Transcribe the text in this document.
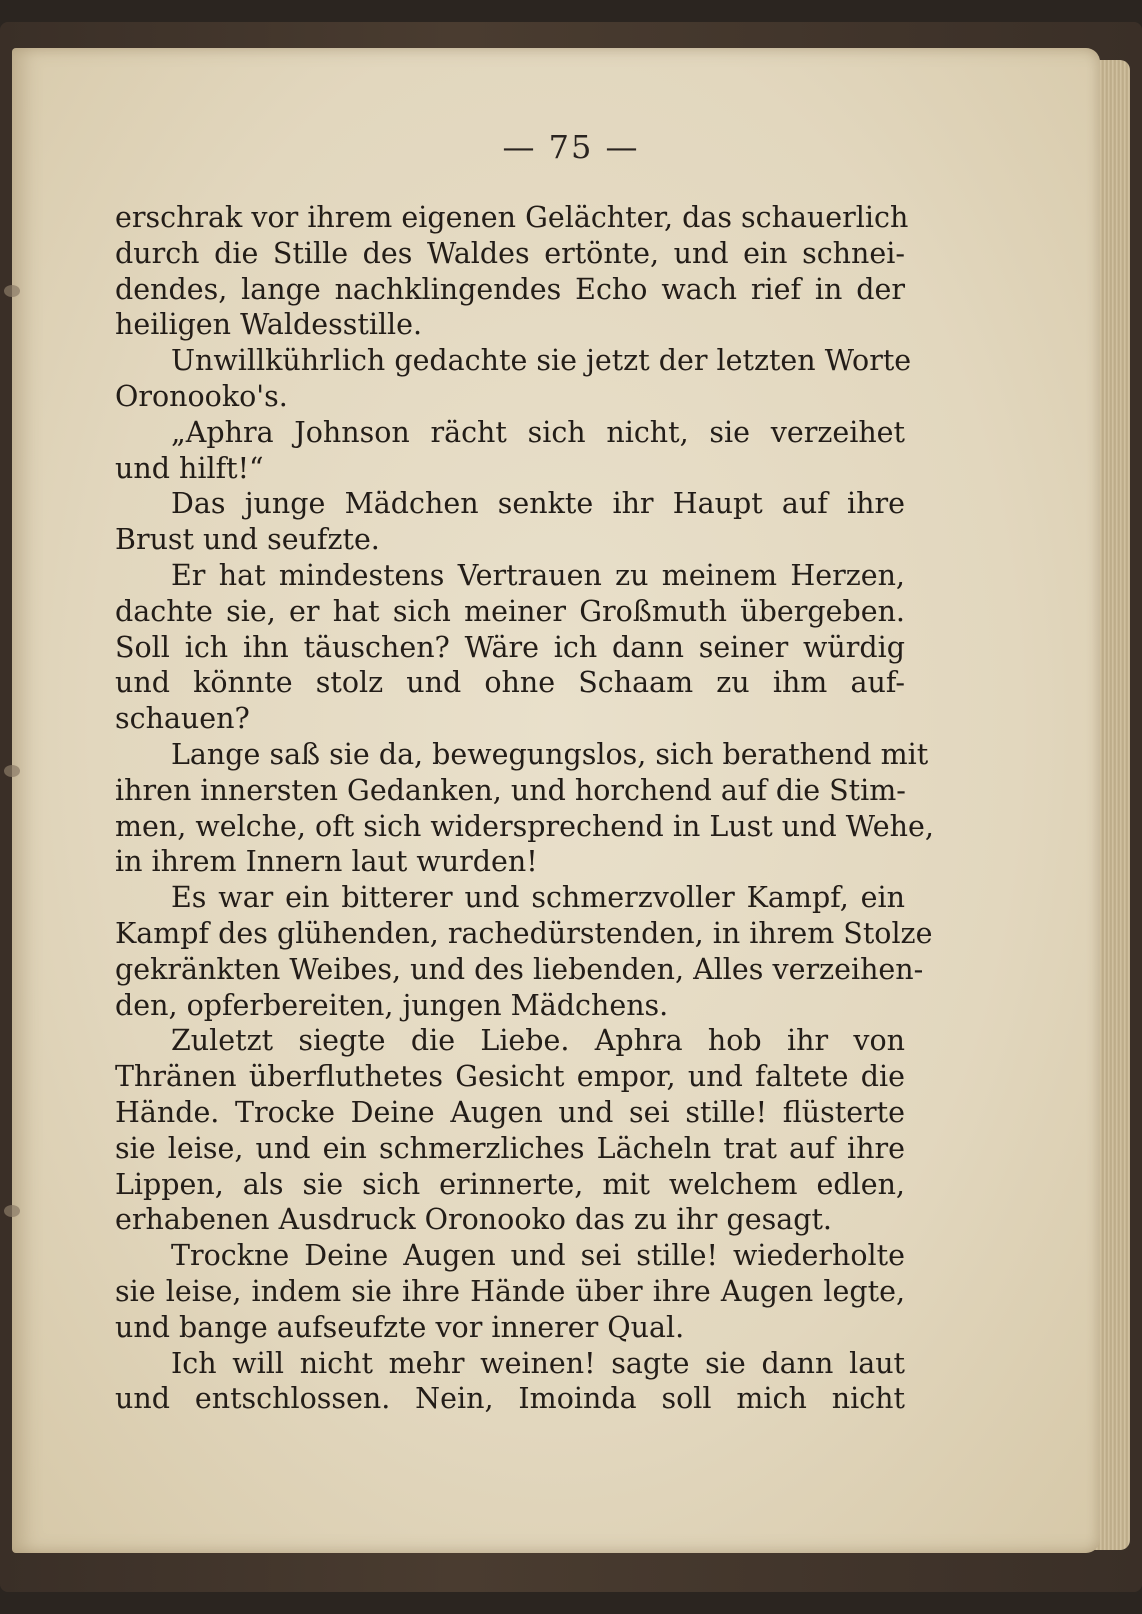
— 75 —
erschrak vor ihrem eigenen Gelächter, das schauerlich
durch die Stille des Waldes ertönte, und ein schnei-
dendes, lange nachklingendes Echo wach rief in der
heiligen Waldesstille.
Unwillkührlich gedachte sie jetzt der letzten Worte
Oronooko's.
„Aphra Johnson rächt sich nicht, sie verzeihet
und hilft!“
Das junge Mädchen senkte ihr Haupt auf ihre
Brust und seufzte.
Er hat mindestens Vertrauen zu meinem Herzen,
dachte sie, er hat sich meiner Großmuth übergeben.
Soll ich ihn täuschen? Wäre ich dann seiner würdig
und könnte stolz und ohne Schaam zu ihm auf-
schauen?
Lange saß sie da, bewegungslos, sich berathend mit
ihren innersten Gedanken, und horchend auf die Stim-
men, welche, oft sich widersprechend in Lust und Wehe,
in ihrem Innern laut wurden!
Es war ein bitterer und schmerzvoller Kampf, ein
Kampf des glühenden, rachedürstenden, in ihrem Stolze
gekränkten Weibes, und des liebenden, Alles verzeihen-
den, opferbereiten, jungen Mädchens.
Zuletzt siegte die Liebe. Aphra hob ihr von
Thränen überfluthetes Gesicht empor, und faltete die
Hände. Trocke Deine Augen und sei stille! flüsterte
sie leise, und ein schmerzliches Lächeln trat auf ihre
Lippen, als sie sich erinnerte, mit welchem edlen,
erhabenen Ausdruck Oronooko das zu ihr gesagt.
Trockne Deine Augen und sei stille! wiederholte
sie leise, indem sie ihre Hände über ihre Augen legte,
und bange aufseufzte vor innerer Qual.
Ich will nicht mehr weinen! sagte sie dann laut
und entschlossen. Nein, Imoinda soll mich nicht
